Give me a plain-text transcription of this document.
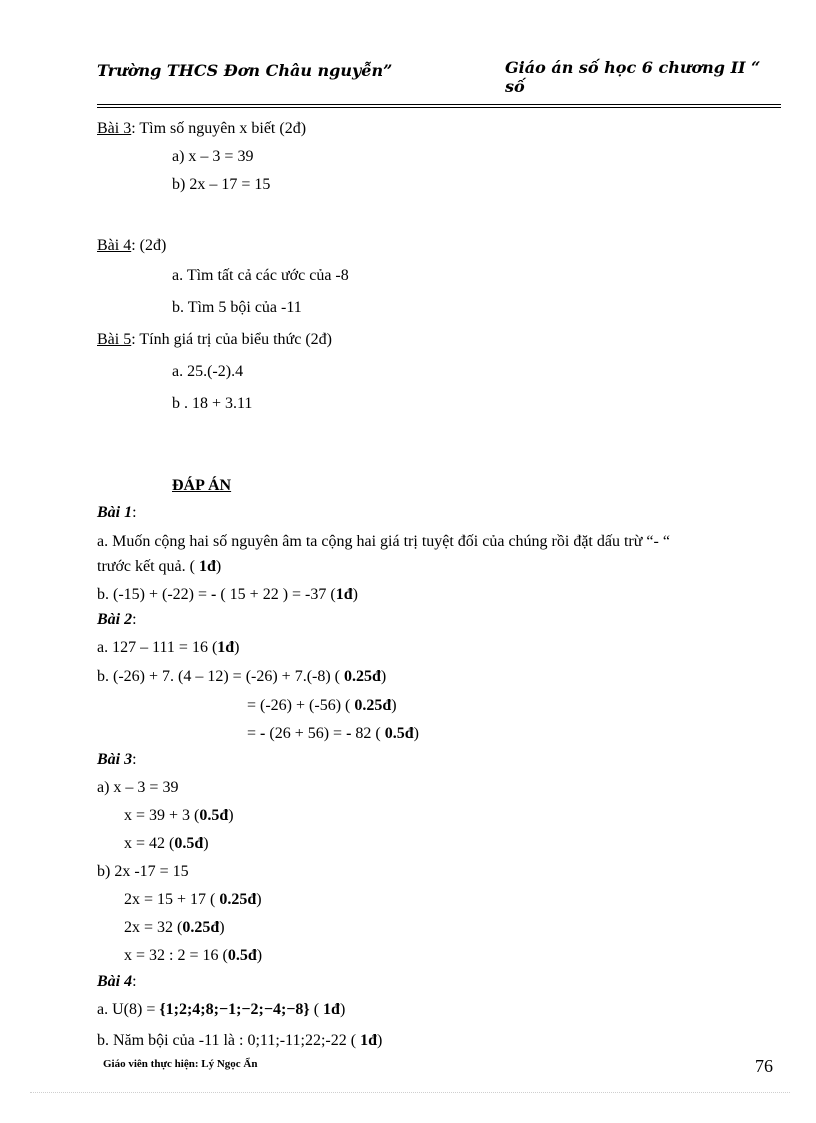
Trường THCS Đơn Châu nguyễn”	Giáo án số học 6 chương II “ số
Bài 3: Tìm số nguyên x biết (2đ)
a) x – 3 = 39
b) 2x – 17 = 15
Bài 4: (2đ)
a. Tìm tất cả các ước của -8
b. Tìm 5 bội của -11
Bài 5: Tính giá trị của biểu thức (2đ)
a. 25.(-2).4
b . 18 + 3.11
ĐÁP ÁN
Bài 1:
a. Muốn cộng hai số nguyên âm ta cộng hai giá trị tuyệt đối của chúng rồi đặt dấu trừ “- “
trước kết quả. ( 1đ)
b. (-15) + (-22) = - ( 15 + 22 ) = -37 (1đ)
Bài 2:
a. 127 – 111 = 16 (1đ)
b. (-26) + 7. (4 – 12) = (-26) + 7.(-8) ( 0.25đ)
= (-26) + (-56) ( 0.25đ)
= - (26 + 56) = - 82 ( 0.5đ)
Bài 3:
a) x – 3 = 39
x = 39 + 3 (0.5đ)
x = 42 (0.5đ)
b) 2x -17 = 15
2x = 15 + 17 ( 0.25đ)
2x = 32 (0.25đ)
x = 32 : 2 = 16 (0.5đ)
Bài 4:
a. U(8) = {1;2;4;8;−1;−2;−4;−8} ( 1đ)
b. Năm bội của -11 là : 0;11;-11;22;-22 ( 1đ)
Giáo viên thực hiện: Lý Ngọc Ẩn	76
